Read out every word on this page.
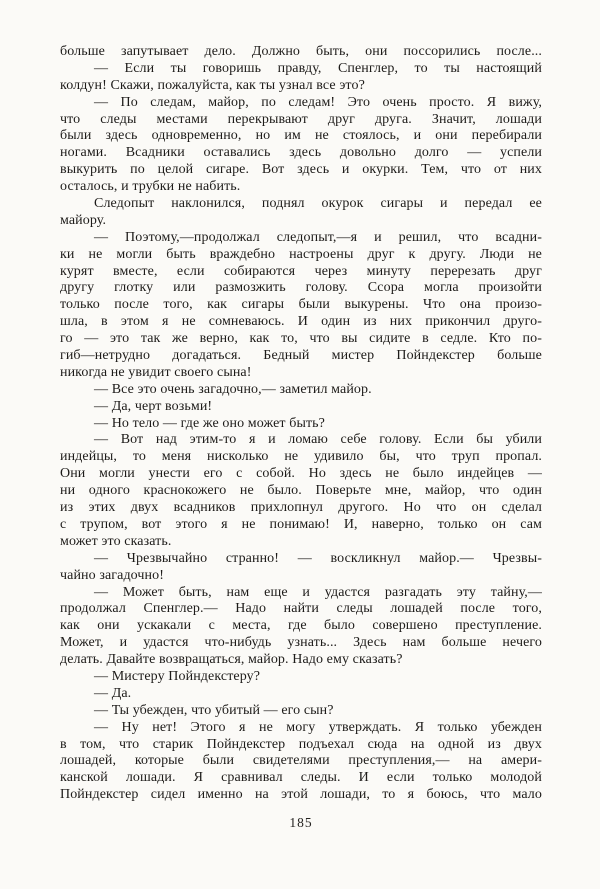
больше запутывает дело. Должно быть, они поссорились после...
— Если ты говоришь правду, Спенглер, то ты настоящий
колдун! Скажи, пожалуйста, как ты узнал все это?
— По следам, майор, по следам! Это очень просто. Я вижу,
что следы местами перекрывают друг друга. Значит, лошади
были здесь одновременно, но им не стоялось, и они перебирали
ногами. Всадники оставались здесь довольно долго — успели
выкурить по целой сигаре. Вот здесь и окурки. Тем, что от них
осталось, и трубки не набить.
Следопыт наклонился, поднял окурок сигары и передал ее
майору.
— Поэтому,—продолжал следопыт,—я и решил, что всадни-
ки не могли быть враждебно настроены друг к другу. Люди не
курят вместе, если собираются через минуту перерезать друг
другу глотку или размозжить голову. Ссора могла произойти
только после того, как сигары были выкурены. Что она произо-
шла, в этом я не сомневаюсь. И один из них прикончил друго-
го — это так же верно, как то, что вы сидите в седле. Кто по-
гиб—нетрудно догадаться. Бедный мистер Пойндекстер больше
никогда не увидит своего сына!
— Все это очень загадочно,— заметил майор.
— Да, черт возьми!
— Но тело — где же оно может быть?
— Вот над этим-то я и ломаю себе голову. Если бы убили
индейцы, то меня нисколько не удивило бы, что труп пропал.
Они могли унести его с собой. Но здесь не было индейцев —
ни одного краснокожего не было. Поверьте мне, майор, что один
из этих двух всадников прихлопнул другого. Но что он сделал
с трупом, вот этого я не понимаю! И, наверно, только он сам
может это сказать.
— Чрезвычайно странно! — воскликнул майор.— Чрезвы-
чайно загадочно!
— Может быть, нам еще и удастся разгадать эту тайну,—
продолжал Спенглер.— Надо найти следы лошадей после того,
как они ускакали с места, где было совершено преступление.
Может, и удастся что-нибудь узнать... Здесь нам больше нечего
делать. Давайте возвращаться, майор. Надо ему сказать?
— Мистеру Пойндекстеру?
— Да.
— Ты убежден, что убитый — его сын?
— Ну нет! Этого я не могу утверждать. Я только убежден
в том, что старик Пойндекстер подъехал сюда на одной из двух
лошадей, которые были свидетелями преступления,— на амери-
канской лошади. Я сравнивал следы. И если только молодой
Пойндекстер сидел именно на этой лошади, то я боюсь, что мало
185
